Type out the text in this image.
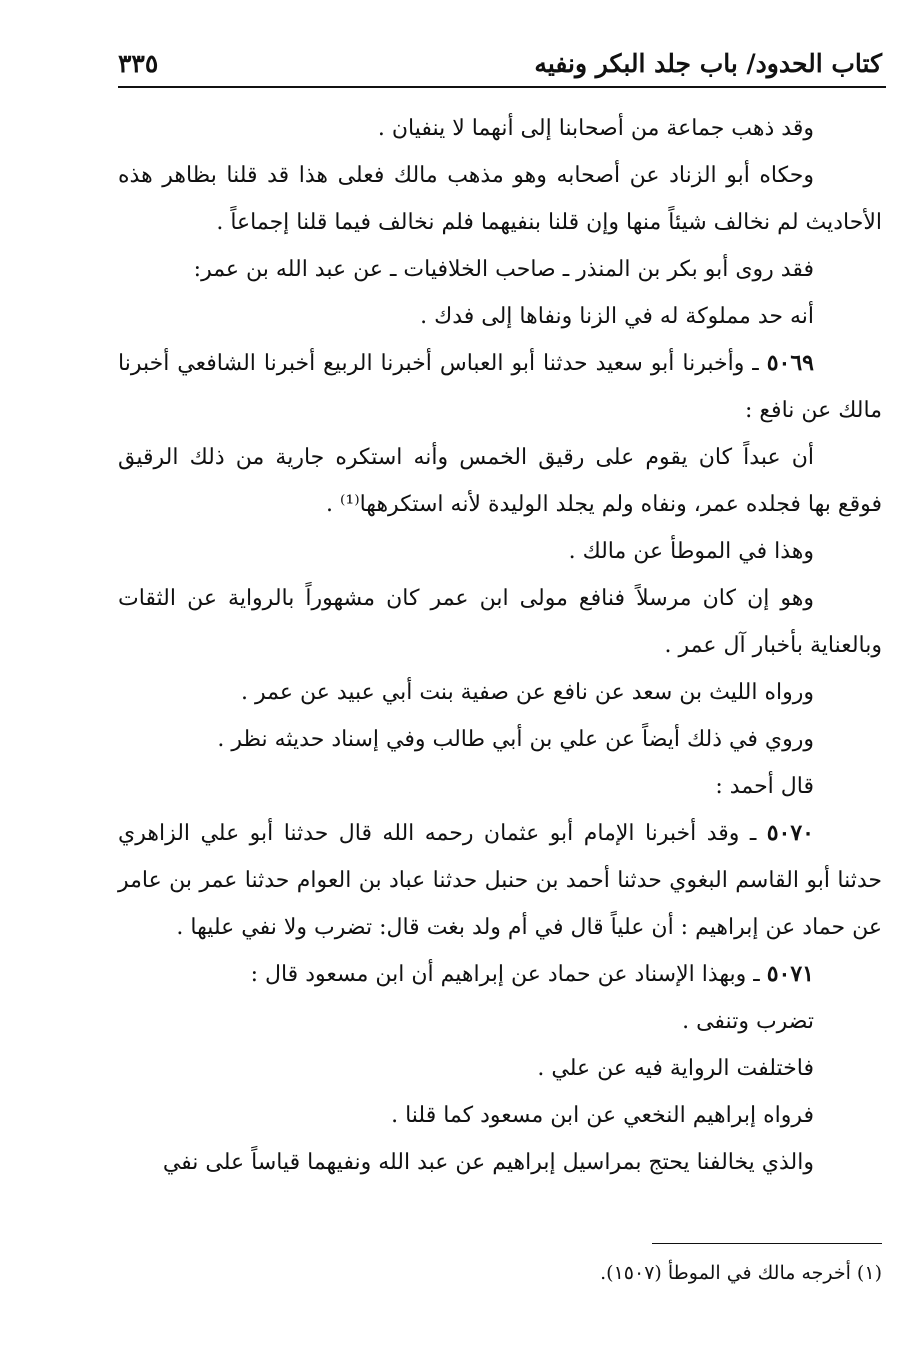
كتاب الحدود/ باب جلد البكر ونفيه
٣٣٥

وقد ذهب جماعة من أصحابنا إلى أنهما لا ينفيان .

وحكاه أبو الزناد عن أصحابه وهو مذهب مالك فعلى هذا قد قلنا بظاهر هذه الأحاديث لم نخالف شيئاً منها وإن قلنا بنفيهما فلم نخالف فيما قلنا إجماعاً .

فقد روى أبو بكر بن المنذر ـ صاحب الخلافيات ـ عن عبد الله بن عمر:

أنه حد مملوكة له في الزنا ونفاها إلى فدك .

٥٠٦٩ ـ وأخبرنا أبو سعيد حدثنا أبو العباس أخبرنا الربيع أخبرنا الشافعي أخبرنا مالك عن نافع :

أن عبداً كان يقوم على رقيق الخمس وأنه استكره جارية من ذلك الرقيق فوقع بها فجلده عمر، ونفاه ولم يجلد الوليدة لأنه استكرهها⁽¹⁾ .

وهذا في الموطأ عن مالك .

وهو إن كان مرسلاً فنافع مولى ابن عمر كان مشهوراً بالرواية عن الثقات وبالعناية بأخبار آل عمر .

ورواه الليث بن سعد عن نافع عن صفية بنت أبي عبيد عن عمر .

وروي في ذلك أيضاً عن علي بن أبي طالب وفي إسناد حديثه نظر .

قال أحمد :

٥٠٧٠ ـ وقد أخبرنا الإمام أبو عثمان رحمه الله قال حدثنا أبو علي الزاهري حدثنا أبو القاسم البغوي حدثنا أحمد بن حنبل حدثنا عباد بن العوام حدثنا عمر بن عامر عن حماد عن إبراهيم : أن علياً قال في أم ولد بغت قال: تضرب ولا نفي عليها .

٥٠٧١ ـ وبهذا الإسناد عن حماد عن إبراهيم أن ابن مسعود قال :

تضرب وتنفى .

فاختلفت الرواية فيه عن علي .

فرواه إبراهيم النخعي عن ابن مسعود كما قلنا .

والذي يخالفنا يحتج بمراسيل إبراهيم عن عبد الله ونفيهما قياساً على نفي

(١) أخرجه مالك في الموطأ (١٥٠٧).
